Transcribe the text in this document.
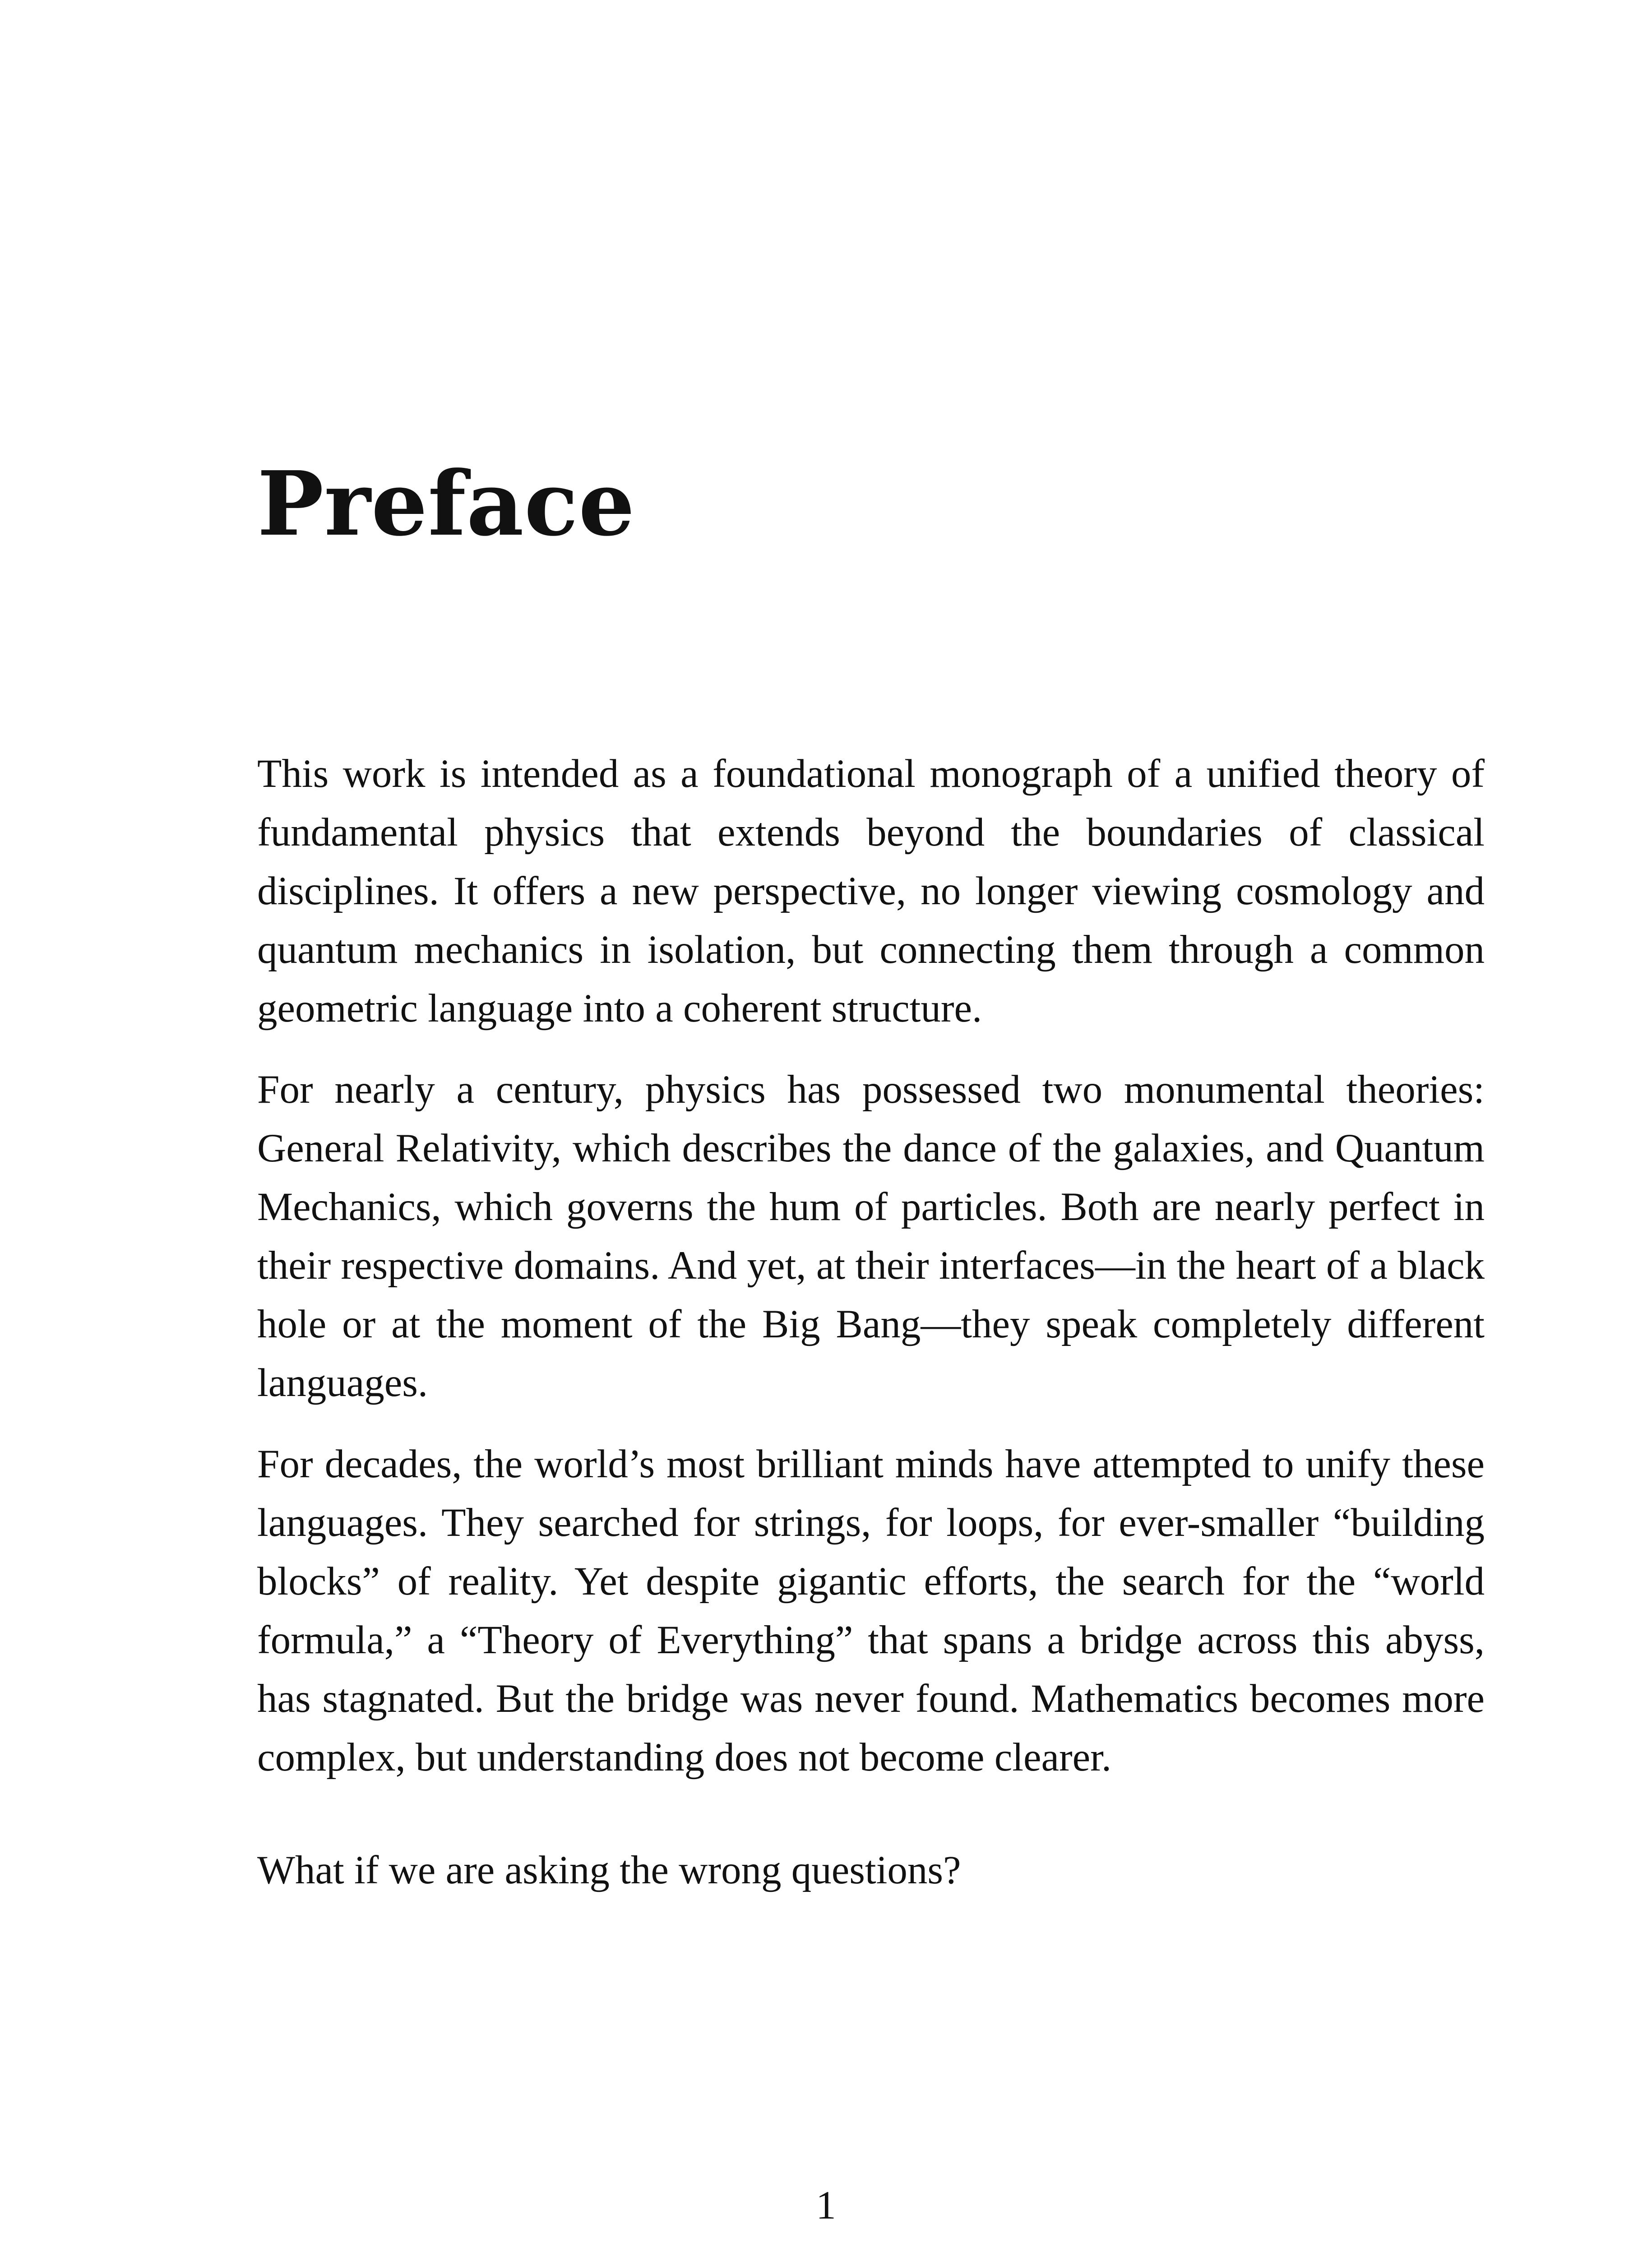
Preface

This work is intended as a foundational monograph of a unified theory of fundamental physics that extends beyond the boundaries of classical disciplines. It offers a new perspective, no longer viewing cosmology and quantum mechanics in isolation, but connecting them through a common geometric language into a coherent structure.

For nearly a century, physics has possessed two monumental theories: General Relativity, which describes the dance of the galaxies, and Quantum Mechanics, which governs the hum of particles. Both are nearly perfect in their respective domains. And yet, at their interfaces—in the heart of a black hole or at the moment of the Big Bang—they speak completely different languages.

For decades, the world’s most brilliant minds have attempted to unify these languages. They searched for strings, for loops, for ever-smaller “building blocks” of reality. Yet despite gigantic efforts, the search for the “world formula,” a “Theory of Everything” that spans a bridge across this abyss, has stagnated. But the bridge was never found. Mathematics becomes more complex, but understanding does not become clearer.

What if we are asking the wrong questions?

1
